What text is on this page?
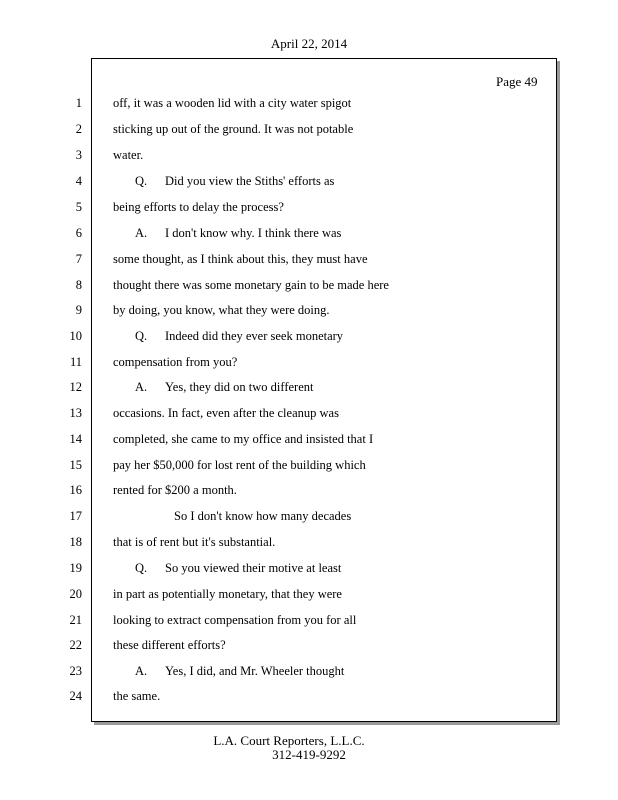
April 22, 2014
Page 49
1 off, it was a wooden lid with a city water spigot
2 sticking up out of the ground. It was not potable
3 water.
4	Q. Did you view the Stiths' efforts as
5 being efforts to delay the process?
6	A. I don't know why. I think there was
7 some thought, as I think about this, they must have
8 thought there was some monetary gain to be made here
9 by doing, you know, what they were doing.
10	Q. Indeed did they ever seek monetary
11 compensation from you?
12	A. Yes, they did on two different
13 occasions. In fact, even after the cleanup was
14 completed, she came to my office and insisted that I
15 pay her $50,000 for lost rent of the building which
16 rented for $200 a month.
17	So I don't know how many decades
18 that is of rent but it's substantial.
19	Q. So you viewed their motive at least
20 in part as potentially monetary, that they were
21 looking to extract compensation from you for all
22 these different efforts?
23	A. Yes, I did, and Mr. Wheeler thought
24 the same.
L.A. Court Reporters, L.L.C.
312-419-9292
